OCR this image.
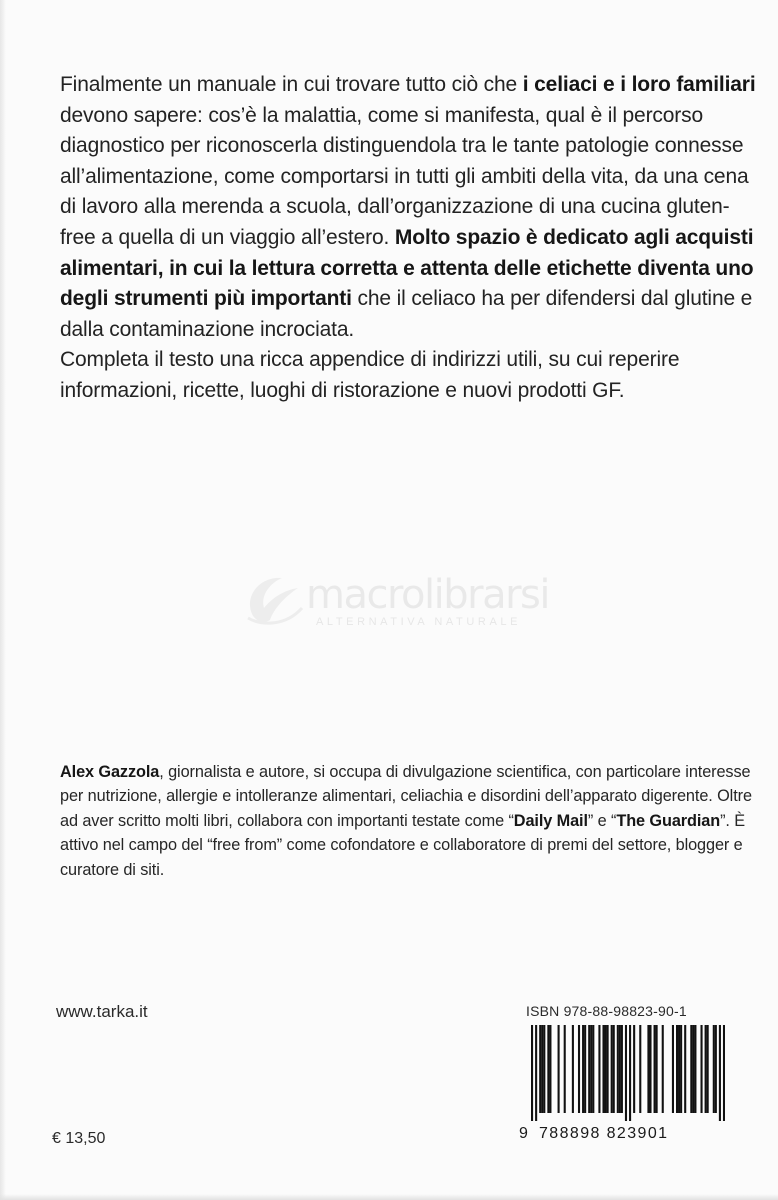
Finalmente un manuale in cui trovare tutto ciò che i celiaci e i loro familiari devono sapere: cos’è la malattia, come si manifesta, qual è il percorso diagnostico per riconoscerla distinguendola tra le tante patologie connesse all’alimentazione, come comportarsi in tutti gli ambiti della vita, da una cena di lavoro alla merenda a scuola, dall’organizzazione di una cucina gluten-free a quella di un viaggio all’estero. Molto spazio è dedicato agli acquisti alimentari, in cui la lettura corretta e attenta delle etichette diventa uno degli strumenti più importanti che il celiaco ha per difendersi dal glutine e dalla contaminazione incrociata.

Completa il testo una ricca appendice di indirizzi utili, su cui reperire informazioni, ricette, luoghi di ristorazione e nuovi prodotti GF.

macrolibrarsi
ALTERNATIVA NATURALE

Alex Gazzola, giornalista e autore, si occupa di divulgazione scientifica, con particolare interesse per nutrizione, allergie e intolleranze alimentari, celiachia e disordini dell’apparato digerente. Oltre ad aver scritto molti libri, collabora con importanti testate come “Daily Mail” e “The Guardian”. È attivo nel campo del “free from” come cofondatore e collaboratore di premi del settore, blogger e curatore di siti.

www.tarka.it
€ 13,50
ISBN 978-88-98823-90-1
9 788898 823901
